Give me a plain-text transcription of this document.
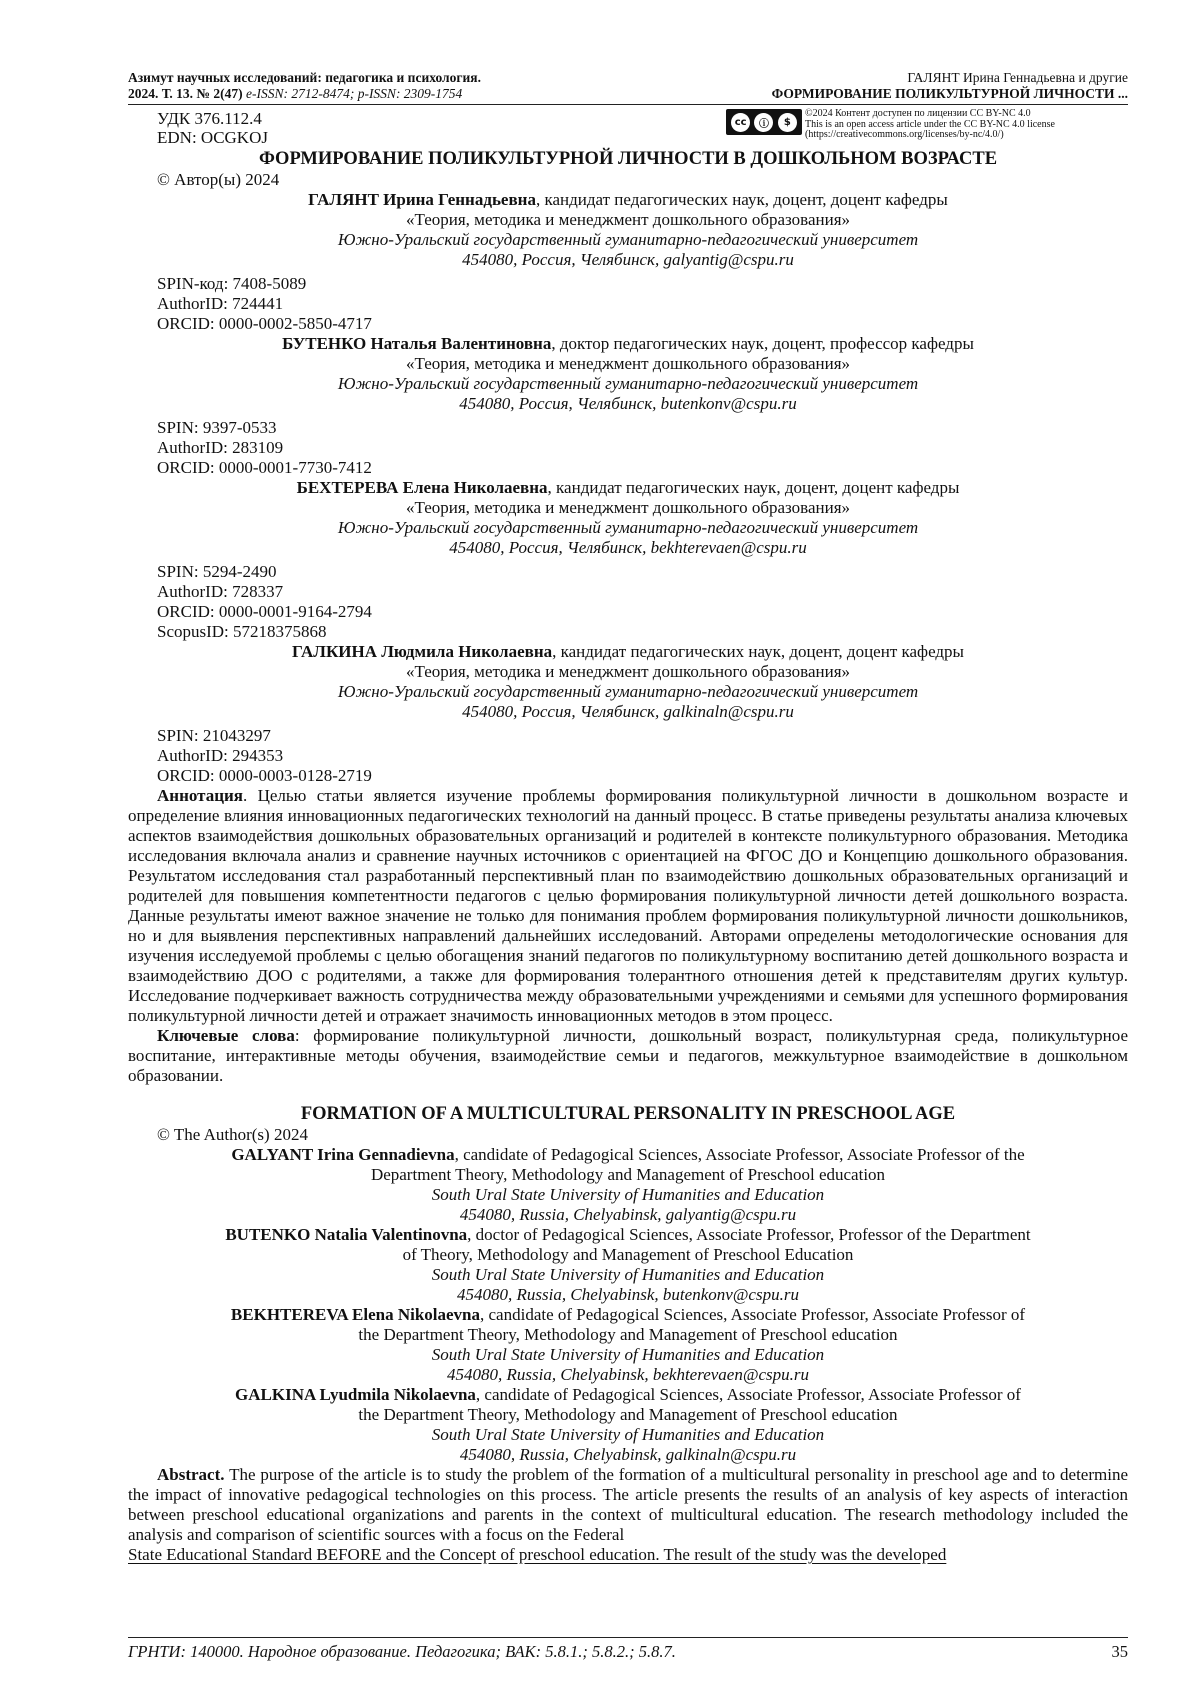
Азимут научных исследований: педагогика и психология.
2024. Т. 13. № 2(47) e-ISSN: 2712-8474; p-ISSN: 2309-1754
ГАЛЯНТ Ирина Геннадьевна и другие
ФОРМИРОВАНИЕ ПОЛИКУЛЬТУРНОЙ ЛИЧНОСТИ ...
УДК 376.112.4
EDN: OCGKOJ
cc	ⓘ	$
©2024 Контент доступен по лицензии CC BY-NC 4.0
This is an open access article under the CC BY-NC 4.0 license
(https://creativecommons.org/licenses/by-nc/4.0/)
ФОРМИРОВАНИЕ ПОЛИКУЛЬТУРНОЙ ЛИЧНОСТИ В ДОШКОЛЬНОМ ВОЗРАСТЕ
© Автор(ы) 2024
ГАЛЯНТ Ирина Геннадьевна, кандидат педагогических наук, доцент, доцент кафедры
«Теория, методика и менеджмент дошкольного образования»
Южно-Уральский государственный гуманитарно-педагогический университет
454080, Россия, Челябинск, galyantig@cspu.ru
SPIN-код: 7408-5089
AuthorID: 724441
ORCID: 0000-0002-5850-4717
БУТЕНКО Наталья Валентиновна, доктор педагогических наук, доцент, профессор кафедры
«Теория, методика и менеджмент дошкольного образования»
Южно-Уральский государственный гуманитарно-педагогический университет
454080, Россия, Челябинск, butenkonv@cspu.ru
SPIN: 9397-0533
AuthorID: 283109
ORCID: 0000-0001-7730-7412
БЕХТЕРЕВА Елена Николаевна, кандидат педагогических наук, доцент, доцент кафедры
«Теория, методика и менеджмент дошкольного образования»
Южно-Уральский государственный гуманитарно-педагогический университет
454080, Россия, Челябинск, bekhterevaen@cspu.ru
SPIN: 5294-2490
AuthorID: 728337
ORCID: 0000-0001-9164-2794
ScopusID: 57218375868
ГАЛКИНА Людмила Николаевна, кандидат педагогических наук, доцент, доцент кафедры
«Теория, методика и менеджмент дошкольного образования»
Южно-Уральский государственный гуманитарно-педагогический университет
454080, Россия, Челябинск, galkinaln@cspu.ru
SPIN: 21043297
AuthorID: 294353
ORCID: 0000-0003-0128-2719
Аннотация. Целью статьи является изучение проблемы формирования поликультурной личности в дошкольном возрасте и определение влияния инновационных педагогических технологий на данный процесс. В статье приведены результаты анализа ключевых аспектов взаимодействия дошкольных образовательных организаций и родителей в контексте поликультурного образования. Методика исследования включала анализ и сравнение научных источников с ориентацией на ФГОС ДО и Концепцию дошкольного образования. Результатом исследования стал разработанный перспективный план по взаимодействию дошкольных образовательных организаций и родителей для повышения компетентности педагогов с целью формирования поликультурной личности детей дошкольного возраста. Данные результаты имеют важное значение не только для понимания проблем формирования поликультурной личности дошкольников, но и для выявления перспективных направлений дальнейших исследований. Авторами определены методологические основания для изучения исследуемой проблемы с целью обогащения знаний педагогов по поликультурному воспитанию детей дошкольного возраста и взаимодействию ДОО с родителями, а также для формирования толерантного отношения детей к представителям других культур. Исследование подчеркивает важность сотрудничества между образовательными учреждениями и семьями для успешного формирования поликультурной личности детей и отражает значимость инновационных методов в этом процесс.
Ключевые слова: формирование поликультурной личности, дошкольный возраст, поликультурная среда, поликультурное воспитание, интерактивные методы обучения, взаимодействие семьи и педагогов, межкультурное взаимодействие в дошкольном образовании.
FORMATION OF A MULTICULTURAL PERSONALITY IN PRESCHOOL AGE
© The Author(s) 2024
GALYANT Irina Gennadievna, candidate of Pedagogical Sciences, Associate Professor, Associate Professor of the
Department Theory, Methodology and Management of Preschool education
South Ural State University of Humanities and Education
454080, Russia, Chelyabinsk, galyantig@cspu.ru
BUTENKO Natalia Valentinovna, doctor of Pedagogical Sciences, Associate Professor, Professor of the Department
of Theory, Methodology and Management of Preschool Education
South Ural State University of Humanities and Education
454080, Russia, Chelyabinsk, butenkonv@cspu.ru
BEKHTEREVA Elena Nikolaevna, candidate of Pedagogical Sciences, Associate Professor, Associate Professor of
the Department Theory, Methodology and Management of Preschool education
South Ural State University of Humanities and Education
454080, Russia, Chelyabinsk, bekhterevaen@cspu.ru
GALKINA Lyudmila Nikolaevna, candidate of Pedagogical Sciences, Associate Professor, Associate Professor of
the Department Theory, Methodology and Management of Preschool education
South Ural State University of Humanities and Education
454080, Russia, Chelyabinsk, galkinaln@cspu.ru
Abstract. The purpose of the article is to study the problem of the formation of a multicultural personality in preschool age and to determine the impact of innovative pedagogical technologies on this process. The article presents the results of an analysis of key aspects of interaction between preschool educational organizations and parents in the context of multicultural education. The research methodology included the analysis and comparison of scientific sources with a focus on the Federal
State Educational Standard BEFORE and the Concept of preschool education. The result of the study was the developed
ГРНТИ: 140000. Народное образование. Педагогика; ВАК: 5.8.1.; 5.8.2.; 5.8.7.	35
